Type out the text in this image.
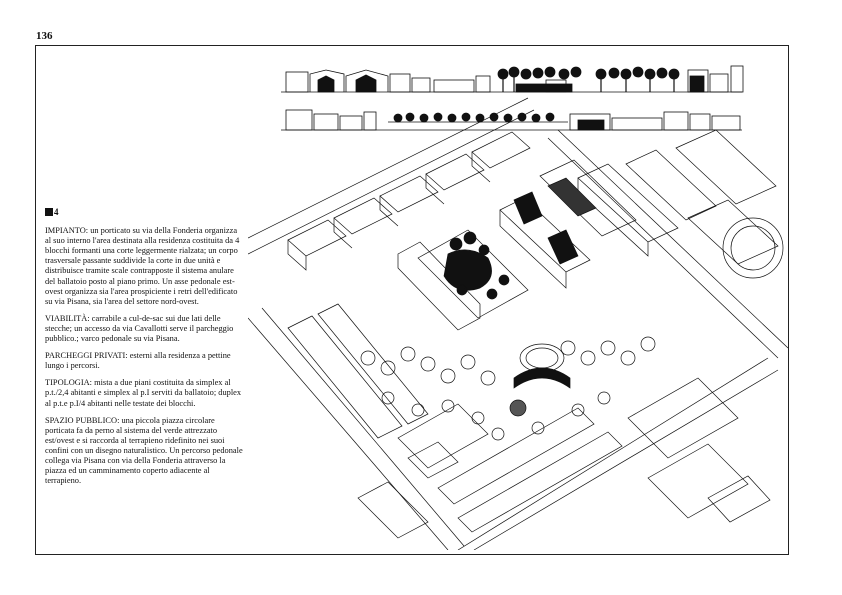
136
4

IMPIANTO: un porticato su via della Fonderia organizza al suo interno l'area destinata alla residenza costituita da 4 blocchi formanti una corte leggermente rialzata; un corpo trasversale passante suddivide la corte in due unità e distribuisce tramite scale contrapposte il sistema anulare del ballatoio posto al piano primo. Un asse pedonale est-ovest organizza sia l'area prospiciente i retri dell'edificato su via Pisana, sia l'area del settore nord-ovest.

VIABILITÀ: carrabile a cul-de-sac sui due lati delle stecche; un accesso da via Cavallotti serve il parcheggio pubblico.; varco pedonale su via Pisana.

PARCHEGGI PRIVATI: esterni alla residenza a pettine lungo i percorsi.

TIPOLOGIA: mista a due piani costituita da simplex al p.t./2,4 abitanti e simplex al p.I serviti da ballatoio; duplex al p.t.e p.I/4 abitanti nelle testate dei blocchi.

SPAZIO PUBBLICO: una piccola piazza circolare porticata fa da perno al sistema del verde attrezzato est/ovest e si raccorda al terrapieno ridefinito nei suoi confini con un disegno naturalistico. Un percorso pedonale collega via Pisana con via della Fonderia attraverso la piazza ed un camminamento coperto adiacente al terrapieno.
